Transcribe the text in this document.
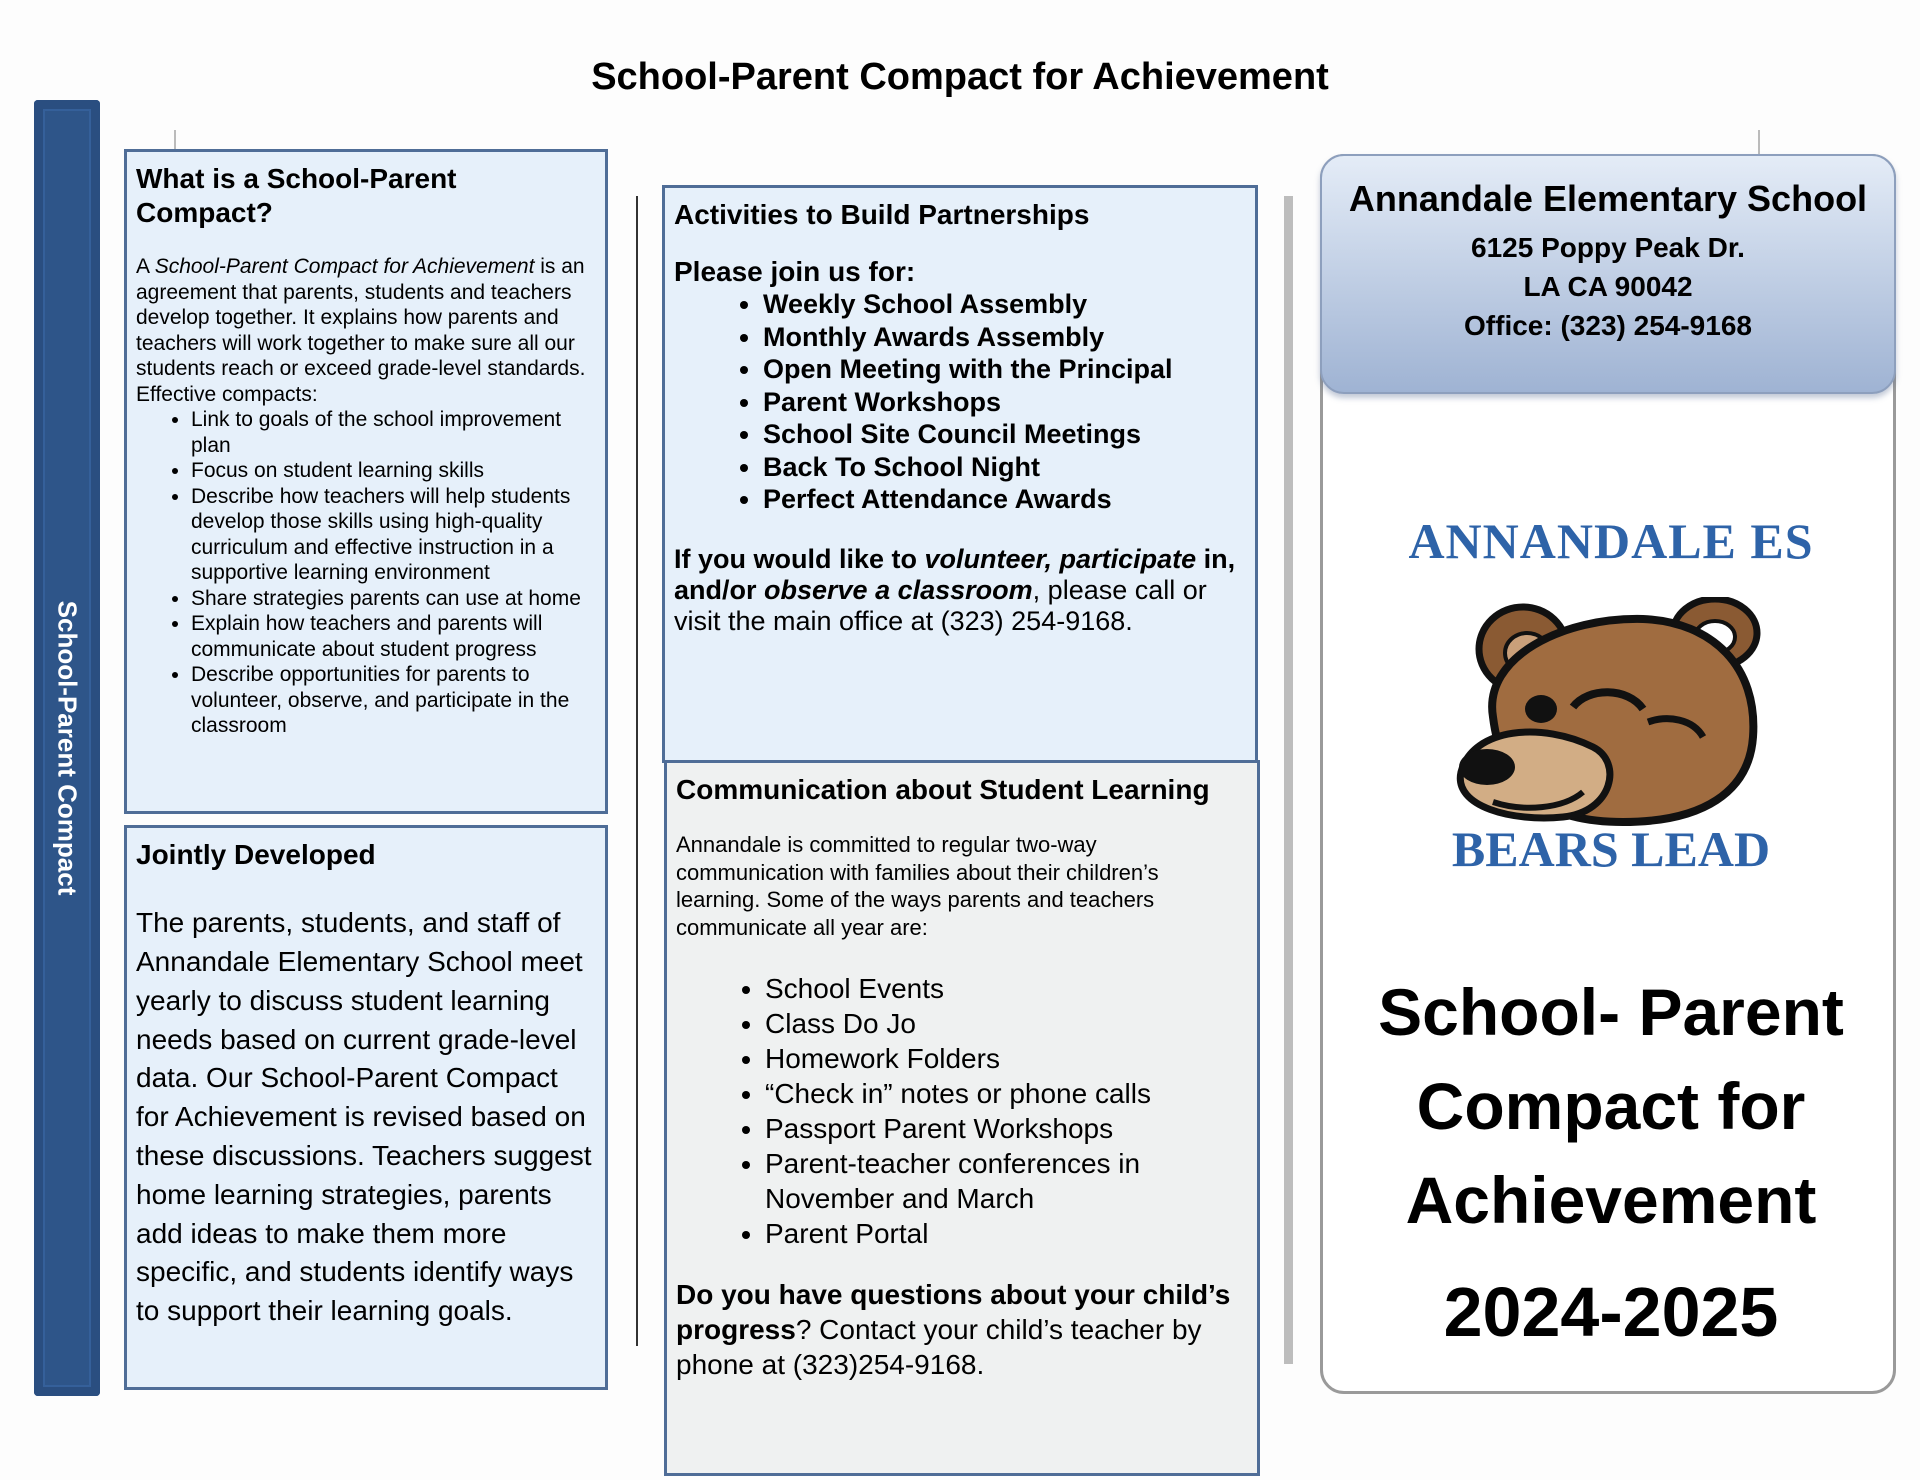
School-Parent Compact for Achievement
School-Parent Compact
What is a School-Parent Compact?
A School-Parent Compact for Achievement is an agreement that parents, students and teachers develop together. It explains how parents and teachers will work together to make sure all our students reach or exceed grade-level standards.
Effective compacts:
• Link to goals of the school improvement plan
• Focus on student learning skills
• Describe how teachers will help students develop those skills using high-quality curriculum and effective instruction in a supportive learning environment
• Share strategies parents can use at home
• Explain how teachers and parents will communicate about student progress
• Describe opportunities for parents to volunteer, observe, and participate in the classroom
Jointly Developed
The parents, students, and staff of Annandale Elementary School meet yearly to discuss student learning needs based on current grade-level data. Our School-Parent Compact for Achievement is revised based on these discussions. Teachers suggest home learning strategies, parents add ideas to make them more specific, and students identify ways to support their learning goals.
Activities to Build Partnerships
Please join us for:
• Weekly School Assembly
• Monthly Awards Assembly
• Open Meeting with the Principal
• Parent Workshops
• School Site Council Meetings
• Back To School Night
• Perfect Attendance Awards
If you would like to volunteer, participate in, and/or observe a classroom, please call or visit the main office at (323) 254-9168.
Communication about Student Learning
Annandale is committed to regular two-way communication with families about their children’s learning. Some of the ways parents and teachers communicate all year are:
• School Events
• Class Do Jo
• Homework Folders
• “Check in” notes or phone calls
• Passport Parent Workshops
• Parent-teacher conferences in November and March
• Parent Portal
Do you have questions about your child’s progress? Contact your child’s teacher by phone at (323)254-9168.
Annandale Elementary School
6125 Poppy Peak Dr.
LA CA 90042
Office: (323) 254-9168
ANNANDALE ES
BEARS LEAD
School- Parent
Compact for
Achievement
2024-2025
